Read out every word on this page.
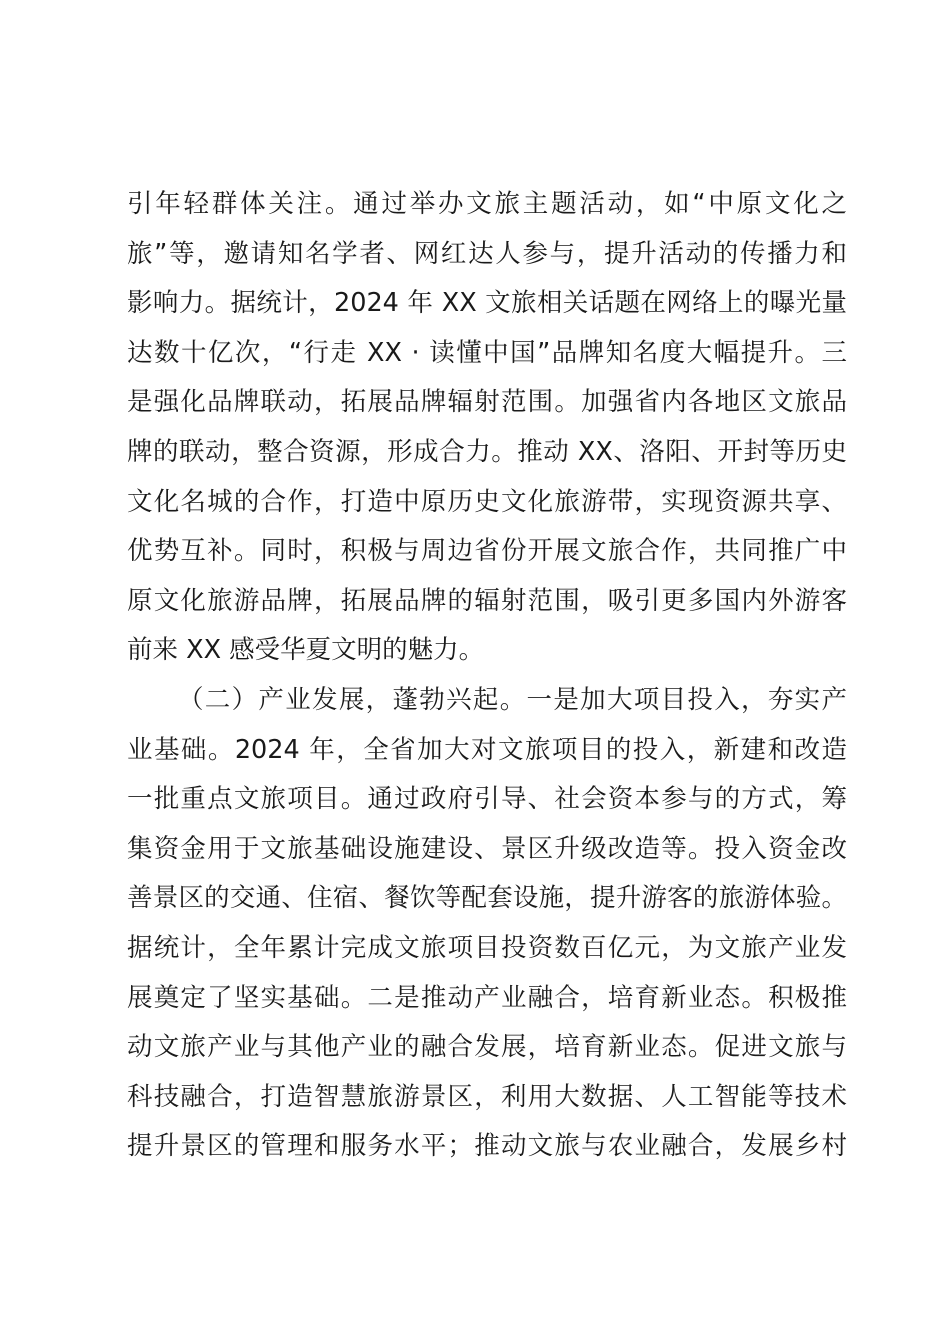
引年轻群体关注。通过举办文旅主题活动，如“中原文化之
旅”等，邀请知名学者、网红达人参与，提升活动的传播力和
影响力。据统计，2024 年 XX 文旅相关话题在网络上的曝光量
达数十亿次，“行走 XX · 读懂中国”品牌知名度大幅提升。三
是强化品牌联动，拓展品牌辐射范围。加强省内各地区文旅品
牌的联动，整合资源，形成合力。推动 XX、洛阳、开封等历史
文化名城的合作，打造中原历史文化旅游带，实现资源共享、
优势互补。同时，积极与周边省份开展文旅合作，共同推广中
原文化旅游品牌，拓展品牌的辐射范围，吸引更多国内外游客
前来 XX 感受华夏文明的魅力。
（二）产业发展，蓬勃兴起。一是加大项目投入，夯实产
业基础。2024 年，全省加大对文旅项目的投入，新建和改造
一批重点文旅项目。通过政府引导、社会资本参与的方式，筹
集资金用于文旅基础设施建设、景区升级改造等。投入资金改
善景区的交通、住宿、餐饮等配套设施，提升游客的旅游体验。
据统计，全年累计完成文旅项目投资数百亿元，为文旅产业发
展奠定了坚实基础。二是推动产业融合，培育新业态。积极推
动文旅产业与其他产业的融合发展，培育新业态。促进文旅与
科技融合，打造智慧旅游景区，利用大数据、人工智能等技术
提升景区的管理和服务水平；推动文旅与农业融合，发展乡村
